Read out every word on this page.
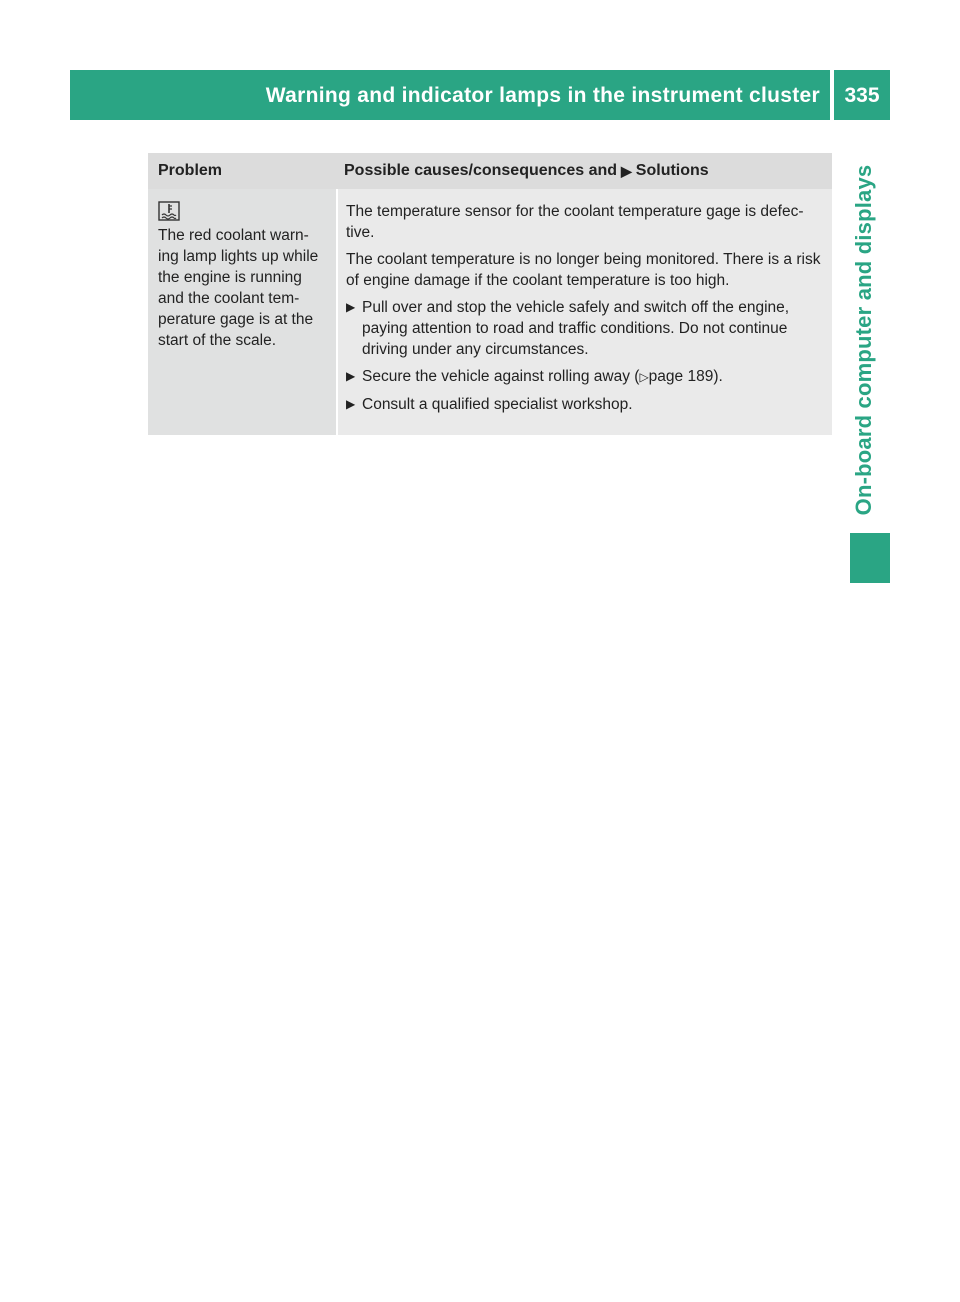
Warning and indicator lamps in the instrument cluster	335
On-board computer and displays
Problem	Possible causes/consequences and ▶ Solutions
The red coolant warn-ing lamp lights up while the engine is running and the coolant tem-perature gage is at the start of the scale.

The temperature sensor for the coolant temperature gage is defec-tive.

The coolant temperature is no longer being monitored. There is a risk of engine damage if the coolant temperature is too high.

▶ Pull over and stop the vehicle safely and switch off the engine, paying attention to road and traffic conditions. Do not continue driving under any circumstances.
▶ Secure the vehicle against rolling away (▷page 189).
▶ Consult a qualified specialist workshop.
